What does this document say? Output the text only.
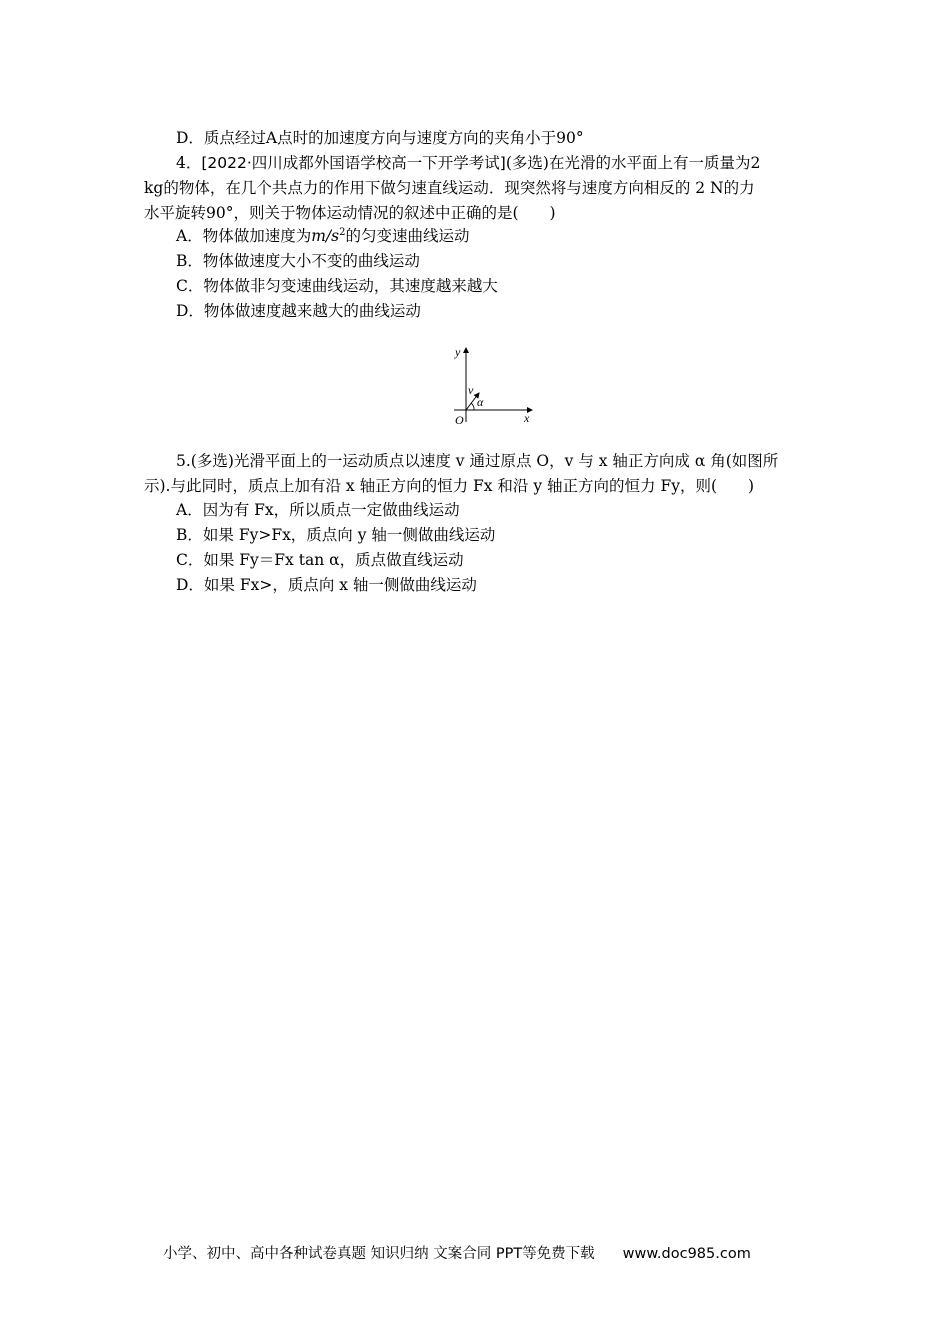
D．质点经过A点时的加速度方向与速度方向的夹角小于90°
4．[2022·四川成都外国语学校高一下开学考试](多选)在光滑的水平面上有一质量为2
kg的物体，在几个共点力的作用下做匀速直线运动．现突然将与速度方向相反的 2 N的力
水平旋转90°，则关于物体运动情况的叙述中正确的是(　　)
A．物体做加速度为$m/s^2$的匀变速曲线运动
B．物体做速度大小不变的曲线运动
C．物体做非匀变速曲线运动，其速度越来越大
D．物体做速度越来越大的曲线运动
y
x
v
α
O
5.(多选)光滑平面上的一运动质点以速度 v 通过原点 O，v 与 x 轴正方向成 α 角(如图所
示).与此同时，质点上加有沿 x 轴正方向的恒力 Fx 和沿 y 轴正方向的恒力 Fy，则(　　)
A．因为有 Fx，所以质点一定做曲线运动
B．如果 Fy>Fx，质点向 y 轴一侧做曲线运动
C．如果 Fy＝Fx tan α，质点做直线运动
D．如果 Fx>，质点向 x 轴一侧做曲线运动
小学、初中、高中各种试卷真题 知识归纳 文案合同 PPT等免费下载 www.doc985.com
